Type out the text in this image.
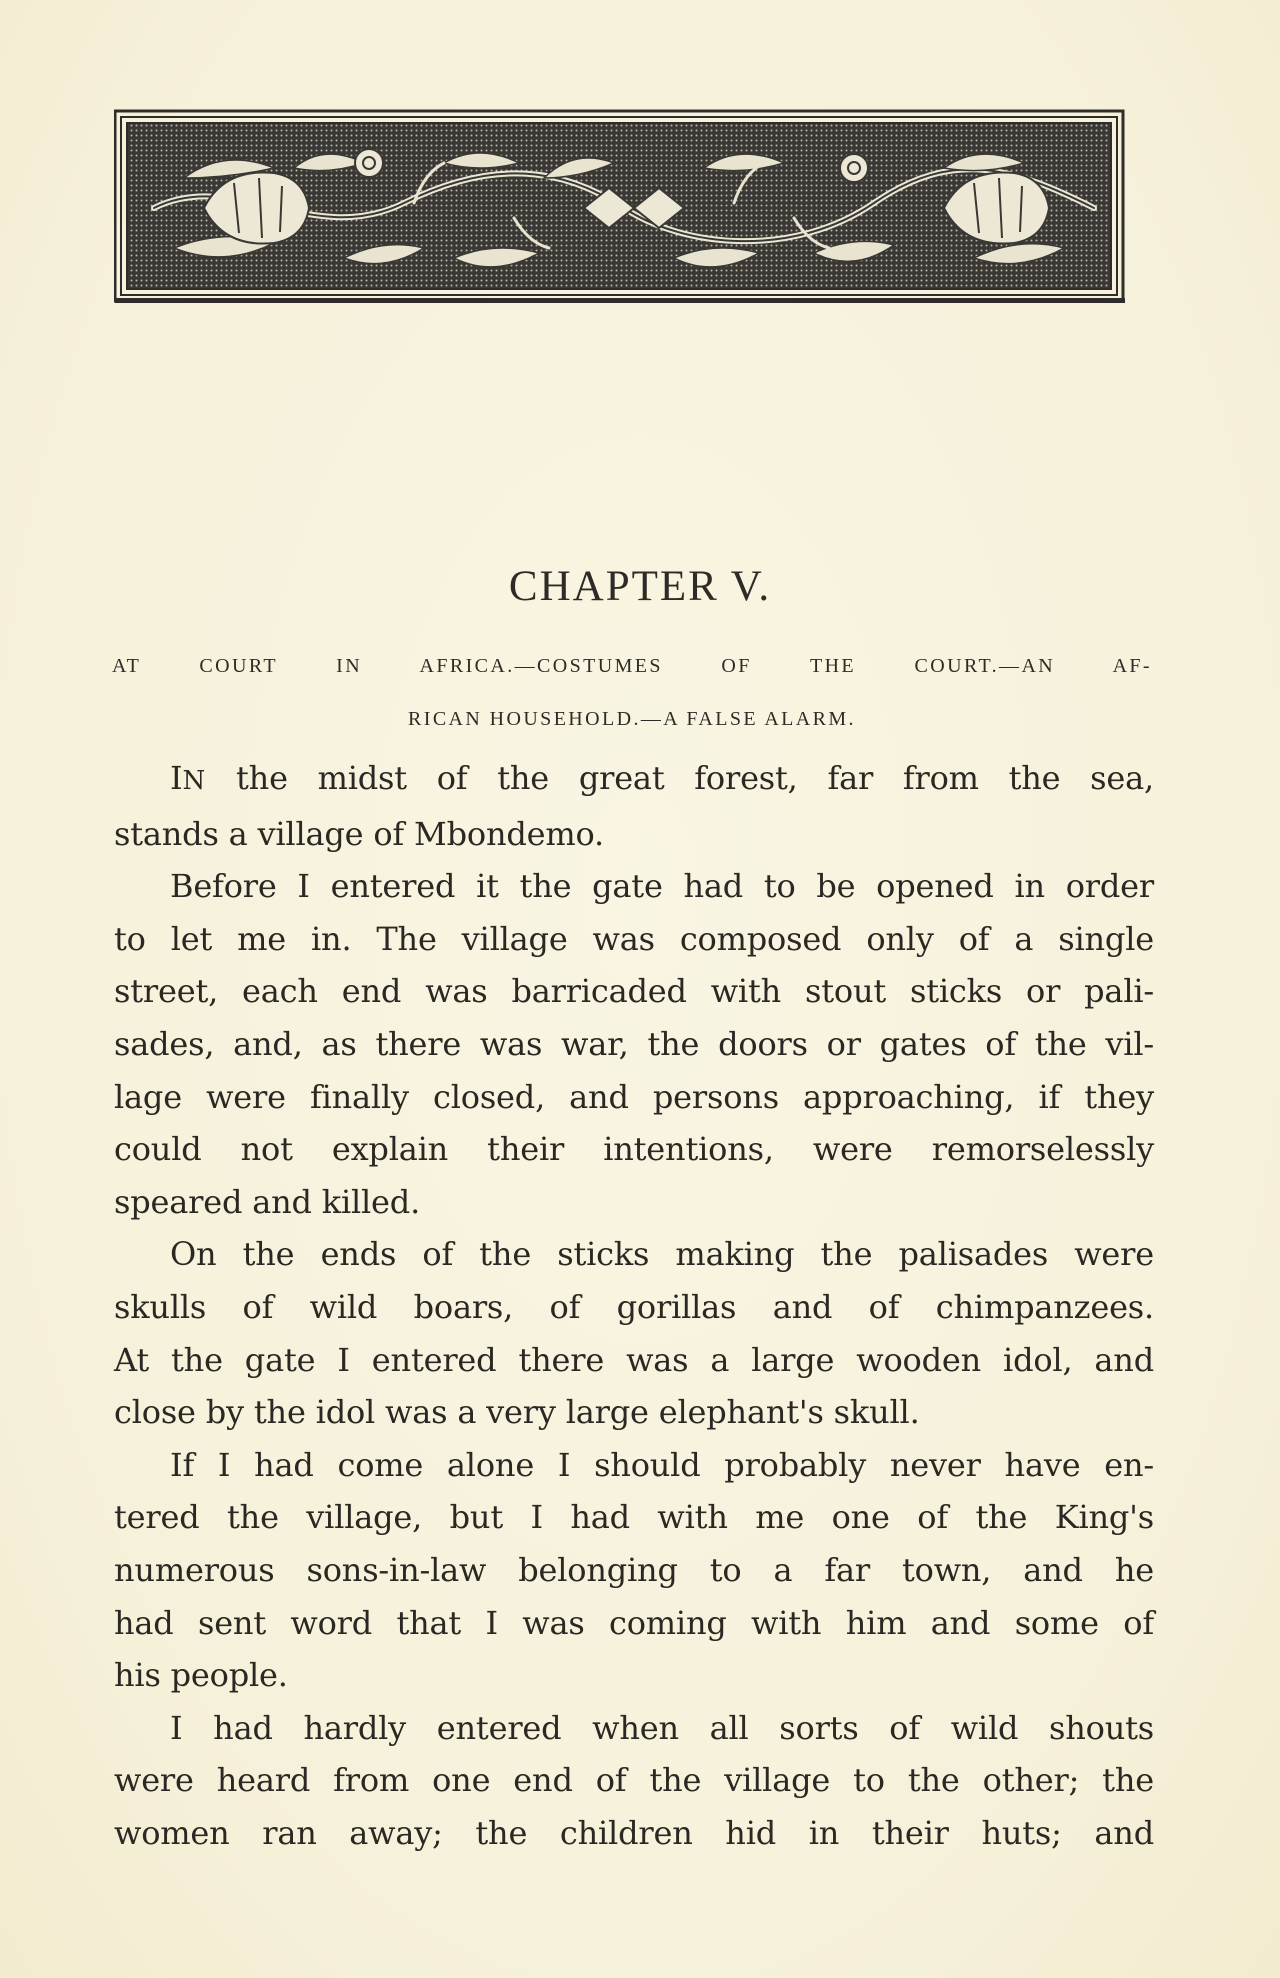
CHAPTER V.
AT COURT IN AFRICA.—COSTUMES OF THE COURT.—AN AF-
RICAN HOUSEHOLD.—A FALSE ALARM.

IN the midst of the great forest, far from the sea,
stands a village of Mbondemo.

Before I entered it the gate had to be opened in order
to let me in. The village was composed only of a single
street, each end was barricaded with stout sticks or pali-
sades, and, as there was war, the doors or gates of the vil-
lage were finally closed, and persons approaching, if they
could not explain their intentions, were remorselessly
speared and killed.

On the ends of the sticks making the palisades were
skulls of wild boars, of gorillas and of chimpanzees.
At the gate I entered there was a large wooden idol, and
close by the idol was a very large elephant's skull.

If I had come alone I should probably never have en-
tered the village, but I had with me one of the King's
numerous sons-in-law belonging to a far town, and he
had sent word that I was coming with him and some of
his people.

I had hardly entered when all sorts of wild shouts
were heard from one end of the village to the other; the
women ran away; the children hid in their huts; and
